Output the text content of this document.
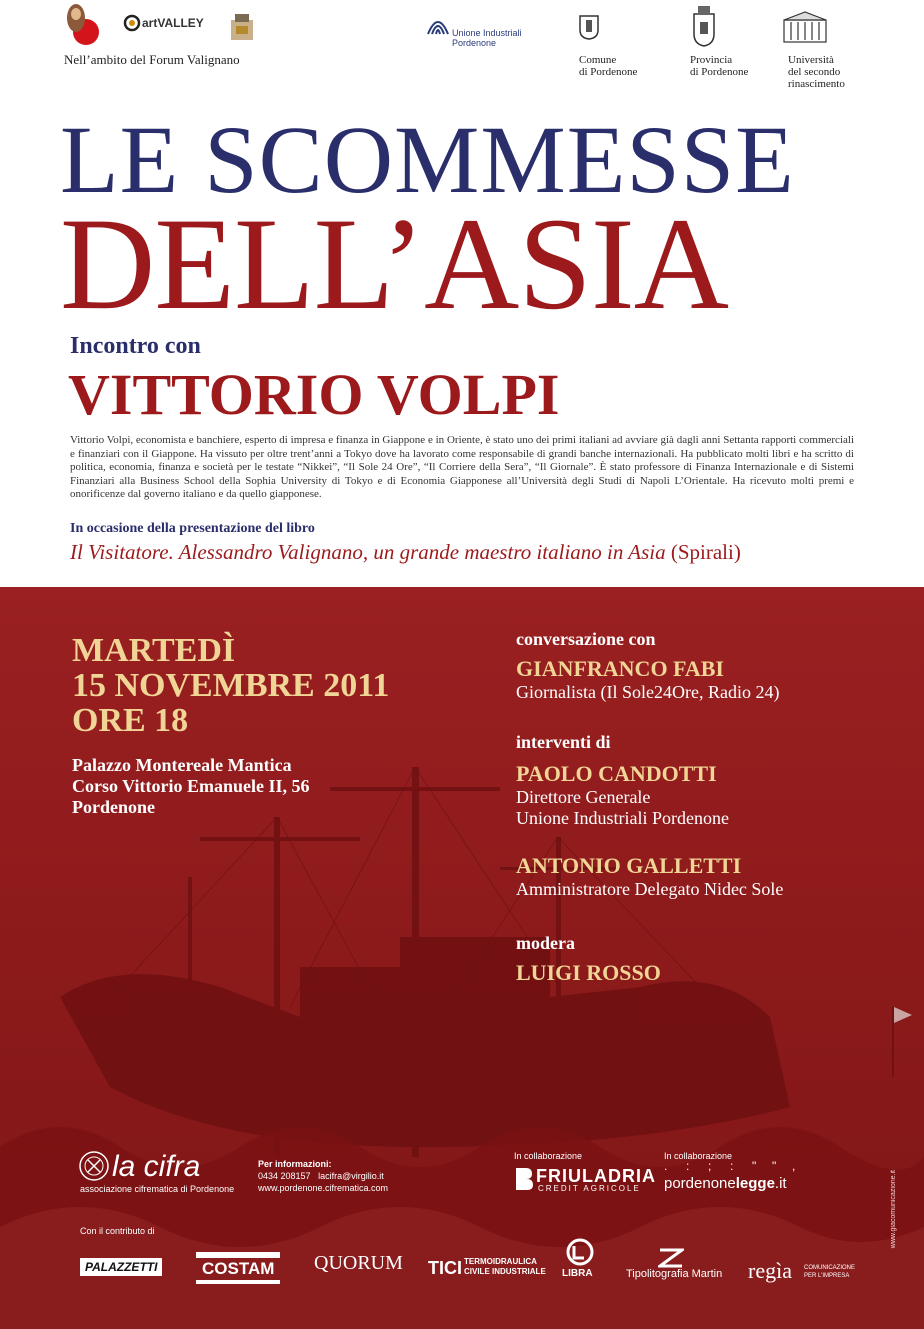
artVALLEY
Nell’ambito del Forum Valignano
Unione Industriali
Pordenone
Comune
di Pordenone
Provincia
di Pordenone
Università
del secondo
rinascimento
LE SCOMMESSE
DELL’ASIA
Incontro con
VITTORIO VOLPI

Vittorio Volpi, economista e banchiere, esperto di impresa e finanza in Giappone e in Oriente, è stato uno dei primi italiani ad avviare già dagli anni Settanta rapporti commerciali e finanziari con il Giappone. Ha vissuto per oltre trent’anni a Tokyo dove ha lavorato come responsabile di grandi banche internazionali. Ha pubblicato molti libri e ha scritto di politica, economia, finanza e società per le testate “Nikkei”, “Il Sole 24 Ore”, “Il Corriere della Sera”, “Il Giornale”. È stato professore di Finanza Internazionale e di Sistemi Finanziari alla Business School della Sophia University di Tokyo e di Economia Giapponese all’Università degli Studi di Napoli L’Orientale. Ha ricevuto molti premi e onorificenze dal governo italiano e da quello giapponese.

In occasione della presentazione del libro
Il Visitatore. Alessandro Valignano, un grande maestro italiano in Asia (Spirali)
MARTEDÌ
15 NOVEMBRE 2011
ORE 18
Palazzo Montereale Mantica
Corso Vittorio Emanuele II, 56
Pordenone
conversazione con
GIANFRANCO FABI
Giornalista (Il Sole24Ore, Radio 24)
interventi di
PAOLO CANDOTTI
Direttore Generale
Unione Industriali Pordenone
ANTONIO GALLETTI
Amministratore Delegato Nidec Sole
modera
LUIGI ROSSO
la cifra
associazione cifrematica di Pordenone
Per informazioni:
0434 208157 lacifra@virgilio.it
www.pordenone.cifrematica.com
In collaborazione
FRIULADRIA
CREDIT AGRICOLE
In collaborazione
. : ; : " " ,
pordenonelegge.it
Con il contributo di
PALAZZETTI	COSTAM	QUORUM TICI TERMOIDRAULICA
CIVILE INDUSTRIALE LIBRA	Tipolitografia Martin regìa COMUNICAZIONE
PER L’IMPRESA
www.giacomunicazione.it
